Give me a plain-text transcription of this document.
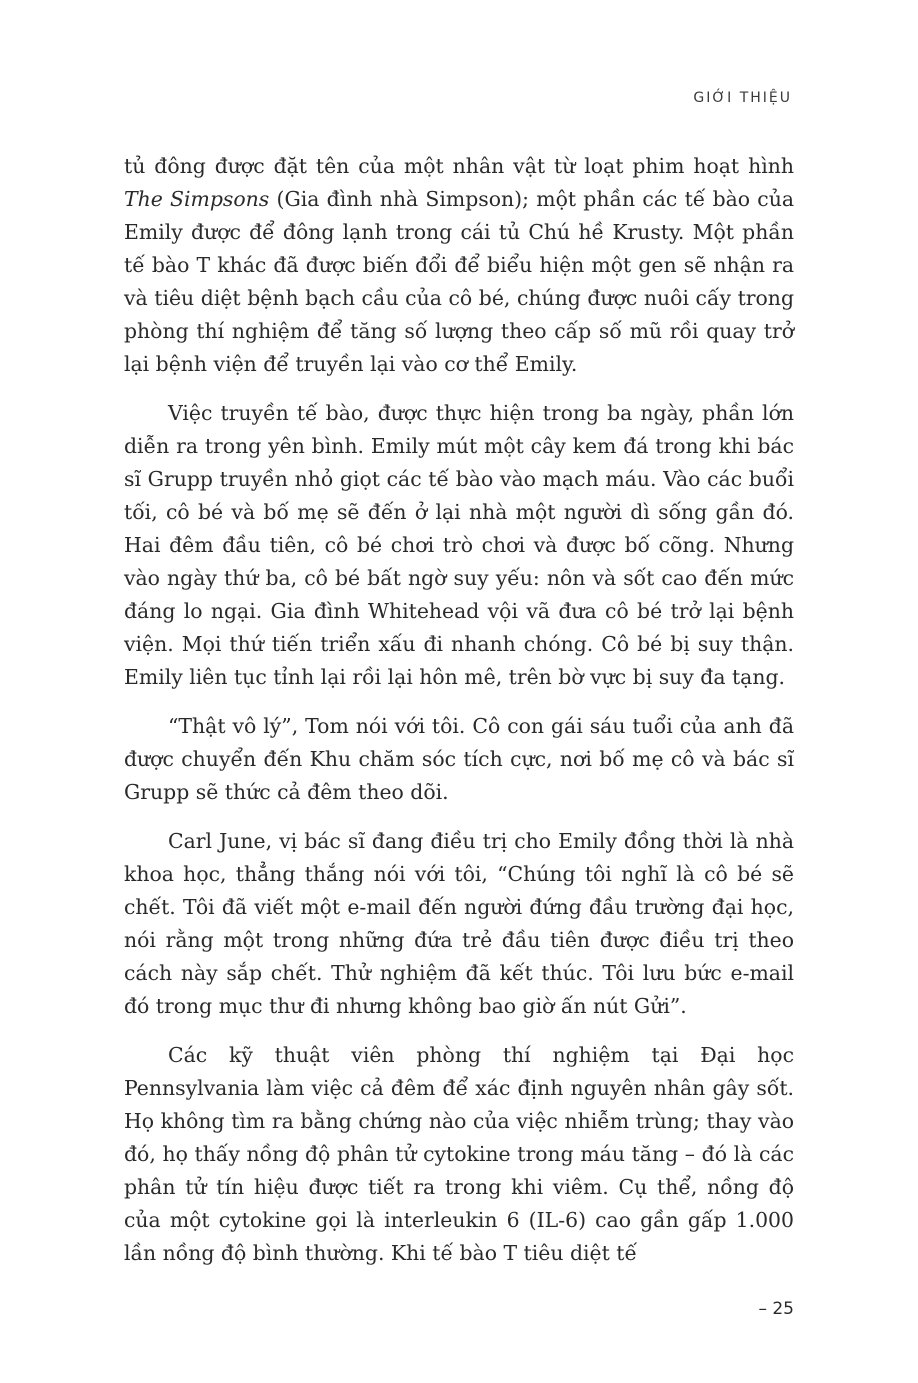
GIỚI THIỆU

tủ đông được đặt tên của một nhân vật từ loạt phim hoạt hình The Simpsons (Gia đình nhà Simpson); một phần các tế bào của Emily được để đông lạnh trong cái tủ Chú hề Krusty. Một phần tế bào T khác đã được biến đổi để biểu hiện một gen sẽ nhận ra và tiêu diệt bệnh bạch cầu của cô bé, chúng được nuôi cấy trong phòng thí nghiệm để tăng số lượng theo cấp số mũ rồi quay trở lại bệnh viện để truyền lại vào cơ thể Emily.

Việc truyền tế bào, được thực hiện trong ba ngày, phần lớn diễn ra trong yên bình. Emily mút một cây kem đá trong khi bác sĩ Grupp truyền nhỏ giọt các tế bào vào mạch máu. Vào các buổi tối, cô bé và bố mẹ sẽ đến ở lại nhà một người dì sống gần đó. Hai đêm đầu tiên, cô bé chơi trò chơi và được bố cõng. Nhưng vào ngày thứ ba, cô bé bất ngờ suy yếu: nôn và sốt cao đến mức đáng lo ngại. Gia đình Whitehead vội vã đưa cô bé trở lại bệnh viện. Mọi thứ tiến triển xấu đi nhanh chóng. Cô bé bị suy thận. Emily liên tục tỉnh lại rồi lại hôn mê, trên bờ vực bị suy đa tạng.

“Thật vô lý”, Tom nói với tôi. Cô con gái sáu tuổi của anh đã được chuyển đến Khu chăm sóc tích cực, nơi bố mẹ cô và bác sĩ Grupp sẽ thức cả đêm theo dõi.

Carl June, vị bác sĩ đang điều trị cho Emily đồng thời là nhà khoa học, thẳng thắng nói với tôi, “Chúng tôi nghĩ là cô bé sẽ chết. Tôi đã viết một e-mail đến người đứng đầu trường đại học, nói rằng một trong những đứa trẻ đầu tiên được điều trị theo cách này sắp chết. Thử nghiệm đã kết thúc. Tôi lưu bức e-mail đó trong mục thư đi nhưng không bao giờ ấn nút Gửi”.

Các kỹ thuật viên phòng thí nghiệm tại Đại học Pennsylvania làm việc cả đêm để xác định nguyên nhân gây sốt. Họ không tìm ra bằng chứng nào của việc nhiễm trùng; thay vào đó, họ thấy nồng độ phân tử cytokine trong máu tăng – đó là các phân tử tín hiệu được tiết ra trong khi viêm. Cụ thể, nồng độ của một cytokine gọi là interleukin 6 (IL-6) cao gần gấp 1.000 lần nồng độ bình thường. Khi tế bào T tiêu diệt tế

– 25
